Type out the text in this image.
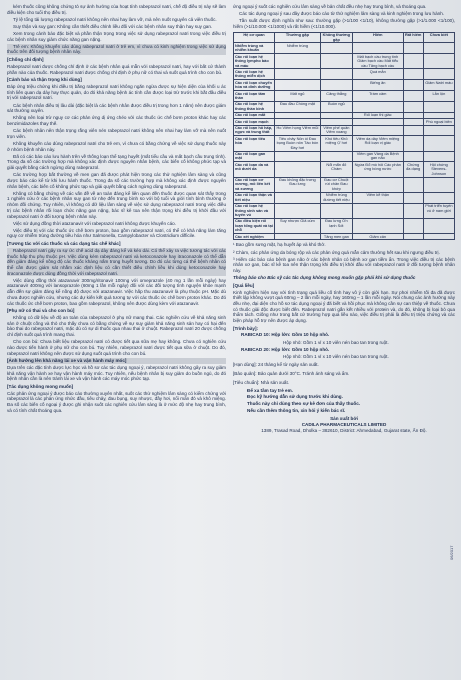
kém thuốc cũng không chứng tỏ sự ảnh hưởng của hoạt tính rabeprazol natri, chế độ điều trị này sẽ làm điều kiện cho tuổi thọ điều trị.

Tỷ lệ tổng tải lượng rabeprazol natri không nên nhai hay làm vỡ, mà nên nuốt nguyên cả viên thuốc.

Suy thận và suy gan: Không cần thiết điều chỉnh liều đối với các bệnh nhân suy thận hay suy gan.

Xem trong cảnh báo đặc biệt và phần thận trọng trong việc sử dụng rabeprazol natri trong việc điều trị các bệnh nhân suy giảm chức năng gan nặng.

Trẻ em: Không khuyến cáo dùng rabeprazol natri ở trẻ em, vì chưa có kinh nghiệm trong việc sử dụng thuốc trên đối tượng bệnh nhân này.

[Chống chỉ định]

Rabeprazol natri được chống chỉ định ở các bệnh nhân quá mẫn với rabeprazol natri, hay với bất cứ thành phần nào của thuốc. Rabeprazol natri được chống chỉ định ở phụ nữ có thai và suốt quá trình cho con bú.

[Cảnh báo và thận trọng khi dùng]

Đáp ứng triệu chứng khi điều trị bằng rabeprazol natri không ngăn ngừa được sự hiện diện của khối u ác tính liên quan dạ dày hay thực quản, do đó khả năng bệnh ác tính cần được loại trừ trước khi bắt đầu điều trị với rabeprazol natri.

Các bệnh nhân điều trị lâu dài (đặc biệt là các bệnh nhân được điều trị trong hơn 1 năm) nên được giám sát thường xuyên.

Không nên loại trừ nguy cơ các phản ứng dị ứng chéo với các thuốc ức chế bơm proton khác hay các benzimidazoles thay thế.

Các bệnh nhân nên thận trọng rằng viên nén rabeprazol natri không nên nhai hay làm vỡ mà nên nuốt trọn viên.

Không khuyến cáo dùng rabeprazol natri cho trẻ em, vì chưa có bằng chứng về việc sử dụng thuốc này ở nhóm bệnh nhân này.

Đã có các báo cáo lưu hành trên về thống loạn thể tạng huyết (mất tiểu cầu và mất bạch cầu trung tính). Trong đa số các trường hợp mà không xác định được nguyên nhân bệnh, các biến cố không phức tạp và giải quyết bằng cách ngừng dùng rabeprazol.

Các trường hợp bất thường về men gan đã được phát hiện trong các thử nghiệm lâm sàng và cũng được báo cáo kể từ khi lưu hành thuốc. Trong đa số các trường hợp mà không xác định được nguyên nhân bệnh, các biến cố không phức tạp và giải quyết bằng cách ngừng dùng rabeprazol.

Không có bằng chứng về các vấn đề về an toàn đáng kể liên quan đến thuốc được quan sát thấy trong 1 nghiên cứu ở các bệnh nhân suy gan từ nhẹ đến trung bình so với bộ tuổi và giới tính bình thường ở nhóm đối chứng. Tuy nhiên, vì không có dữ liệu lâm sàng về việc sử dụng rabeprazol natri trong việc điều trị các bệnh nhân rối loạn chức năng gan nặng, bác sĩ kê toa nên thận trọng khi điều trị khởi đầu với rabeprazol natri ở đối tượng bệnh nhân này.

Việc sử dụng đồng thời atazanavir với rabeprazol natri không được khuyến cáo.

Việc điều trị với các thuốc ức chế bơm proton, bao gồm rabeprazol natri, có thể có khả năng làm tăng nguy cơ nhiễm trùng đường tiêu hóa như Salmonella, Campylobacter và Clostridium difficile.

[Tương tác với các thuốc và các dạng tác chế khác]

Rabeprazol natri gây ra sự ức chế acid dạ dày đáng kể và kéo dài. Có thể xảy ra việc tương tác với các thuốc hấp thu phụ thuộc pH. Việc dùng kèm rabeprazol natri và ketoconazole hay itraconazole có thể dẫn đến giảm đáng kể nồng độ các thuốc kháng nấm trong huyết tương. Do đó các từng cá thể bệnh nhân có thể cần được giám sát nhằm xác định liệu có cần thiết điều chỉnh liều khi dùng ketoconazole hay itraconazole được dùng đồng thời với rabeprazol natri.

Việc dùng đồng thời atazanavir 300mg/ritonavir 100mg với omeprazole (40 mg 1 lần mỗi ngày) hay atazanavir 400mg với lansoprazole (60mg 1 lần mỗi ngày) đối với các đối tượng tình nguyện khỏe mạnh dẫn đến sự giảm đáng kể nồng độ được với atazanavir. Việc hấp thu atazanavir là phụ thuộc pH. Mặc dù chưa được nghiên cứu, nhưng các dự kiến kết quả tương tự với các thuốc ức chế bơm proton khác. Do đó các thuốc ức chế bơm proton, bao gồm rabeprazol, không nên được dùng kèm với atazanavir.

[Phụ nữ có thai và cho con bú]

Không có dữ liệu về độ an toàn của rabeprazol ở phụ nữ mang thai. Các nghiên cứu về khả năng sinh sản ở chuột cống và thỏ cho thấy chưa có bằng chứng về sự suy giảm khả năng sinh sản hay có hại đến bào thai do rabeprazol natri, mặc dù có sự di thuốc qua nhau thai ở chuột. Rabeprazol natri 20 được chống chỉ định suốt quá trình mang thai.

Cho con bú: Chưa biết liệu rabeprazol natri có được tiết qua sữa mẹ hay không. Chưa có nghiên cứu nào được tiến hành ở phụ nữ cho con bú. Tuy nhiên, rabeprazol natri được tiết qua sữa ở chuột. Do đó, rabeprazol natri không nên được sử dụng suốt quá trình cho con bú.

[Ảnh hưởng lên khả năng lái xe và vận hành máy móc]

Dựa trên các đặc tính dược lực học và hồ sơ các tác dụng ngoại ý, rabeprazol natri không gây ra suy giảm khả năng vận hành xe hay vận hành máy móc. Tuy nhiên, nếu bệnh nhân bị suy giảm do buồn ngủ, do đó bệnh nhân cần là nên tránh lái xe và vận hành các máy móc phức tạp.

[Tác dụng không mong muốn]

Các phản ứng ngoại ý được báo cáo thường xuyên nhất, suốt các thử nghiệm lâm sàng có kiểm chứng với rabeprazol là các phản ứng nhức đầu, tiêu chảy, đau bụng, suy nhược, đầy hơi, nổi mẩn đỏ và khô miệng. Đa số các biến cố ngoại ý được ghi nhận suốt các nghiên cứu lâm sàng là ở mức độ nhẹ hay trung bình, và có tính chất thoáng qua.

ứng ngoại ý suốt các nghiên cứu lâm sàng về bản chất đều nhẹ hay trung bình, và thoáng qua.

Các tác dụng ngoại ý sau đây được báo cáo từ thử nghiệm lâm sàng và kinh nghiệm trong lưu hành.

Tần suất được định nghĩa như sau: thường gặp (>1/100 <1/10), không thường gặp (>1/1.000 <1/100), hiếm (>1/10.000 <1/1000) và rất hiếm (<1/10.000).

Hệ cơ quan	Thường gặp	Không thường gặp	Hiếm	Rất hiếm	Chưa biết
Nhiễm trùng và nhiễm khuẩn	Nhiễm trùng				
Các rối loạn hệ thống lympho bào và máu			Mất bạch cầu trung tính Giảm bạch cầu Mất tiểu cầu Tăng bạch cầu		
Các rối loạn hệ thống miễn dịch			Quá mẫn		
Các rối loạn chuyển hóa và dinh dưỡng			Biếng ăn		Giảm Natri máu
Các rối loạn tâm thần	Mất ngủ	Căng thẳng	Trầm cảm		Lẫn lộn
Các rối loạn hệ thống thần kinh	Đau đầu Chóng mặt	Buồn ngủ			
Các rối loạn mắt			Rối loạn thị giác		
Các rối loạn mạch					Phù ngoại biên
Các rối loạn hô hấp, ngực và trung thất	Ho Viêm họng Viêm mũi	Viêm phế quản Viêm xoang			
Các rối loạn tiêu hóa	Tiêu chảy Nôn ói Đau bụng Buồn nôn Táo bón Đầy hơi	Khó tiêu Khô miệng Ợ hơi	Viêm dạ dày Viêm miệng Rối loạn vị giác		
Các rối loạn gan mật			Viêm gan Vàng da Bệnh gan não		
Các rối loạn da và mô dưới da		Nổi mẩn đỏ Chàm	Ngứa Đổ mồ hôi Các phản ứng bóng nước	Chứng đa dạng	Hội chứng Stevens-Johnson
Các rối loạn cơ xương, mô liên kết và xương	Đau không đặc trưng Đau lưng	Đau cơ Chuột rút chân Đau khớp			
Các rối loạn thận và tiết niệu		Nhiễm trùng đường tiết niệu	Viêm kẽ thận		
Các rối loạn hệ thống sinh sản và tuyến vú					Phát triển tuyến vú ở nam giới
Các điều kiện rối loạn tổng quát và tại chỗ	Suy nhược Giả cúm	Đau lưng Ớn lạnh Sốt			
Các xét nghiệm		Tăng men gan	Giảm cân		

¹ Bao gồm sưng mặt, hạ huyết áp và khó thở.

² Chàm, các phản ứng da bóng rộp và các phản ứng quá mẫn cảm thường hết sau khi ngưng điều trị.

³ Hiếm các báo cáo bệnh gan não ở các bệnh nhân có bệnh xơ gan tiềm ẩn. Trong việc điều trị các bệnh nhân xơ gan, bác sĩ kê toa nên thận trọng khi điều trị khởi đầu với rabeprazol natri ở đối tượng bệnh nhân này.

Thông báo cho Bác sỹ các tác dụng không mong muốn gặp phải khi sử dụng thuốc

[Quá liều]

Kinh nghiệm hiện nay với tình trạng quá liều cố tình hay vô ý còn giới hạn. Sự phơi nhiễm tối đa đã được thiết lập không vượt quá 60mg – 2 lần mỗi ngày, hay 160mg – 1 lần mỗi ngày. Nói chung các ảnh hưởng này đều nhẹ, đại diện cho hồ sơ tác dụng ngoại ý đã biết và hồi phục mà không cần sự can thiệp về thuốc. Chưa có thuốc giải độc được biết đến. Rabeprazol natri gắn kết nhiều với protein và, do đó, không bị loại bỏ qua thẩm tách. Giống như trong bất cứ trường hợp quá liều nào, việc điều trị phải là điều trị triệu chứng và các biện pháp hỗ trợ nên được áp dụng.

[Trình bày]:
RABICAD 10: Hộp lớn: Gồm 10 hộp nhỏ.
Hộp nhỏ: Gồm 1 vỉ x 10 viên nén bao tan trong ruột.
RABICAD 20: Hộp lớn: Gồm 10 hộp nhỏ.
Hộp nhỏ: Gồm 1 vỉ x 10 viên nén bao tan trong ruột.

[Hạn dùng]: 24 tháng kể từ ngày sản xuất.

[Bảo quản]: Bảo quản dưới 30°C. Tránh ánh sáng và ẩm.

[Tiêu chuẩn]: Nhà sản xuất.

Để xa tầm tay trẻ em.
Đọc kỹ hướng dẫn sử dụng trước khi dùng.
Thuốc này chỉ dùng theo sự kê đơn của thầy thuốc.
Nếu cần thêm thông tin, xin hỏi ý kiến bác sĩ.
Sản xuất bởi
CADILA PHARMACEUTICALS LIMITED
1389, Trasad Road, Dholka – 382610, District: Ahmedabad, Gujarat state, Ấn Độ.
06/2017
